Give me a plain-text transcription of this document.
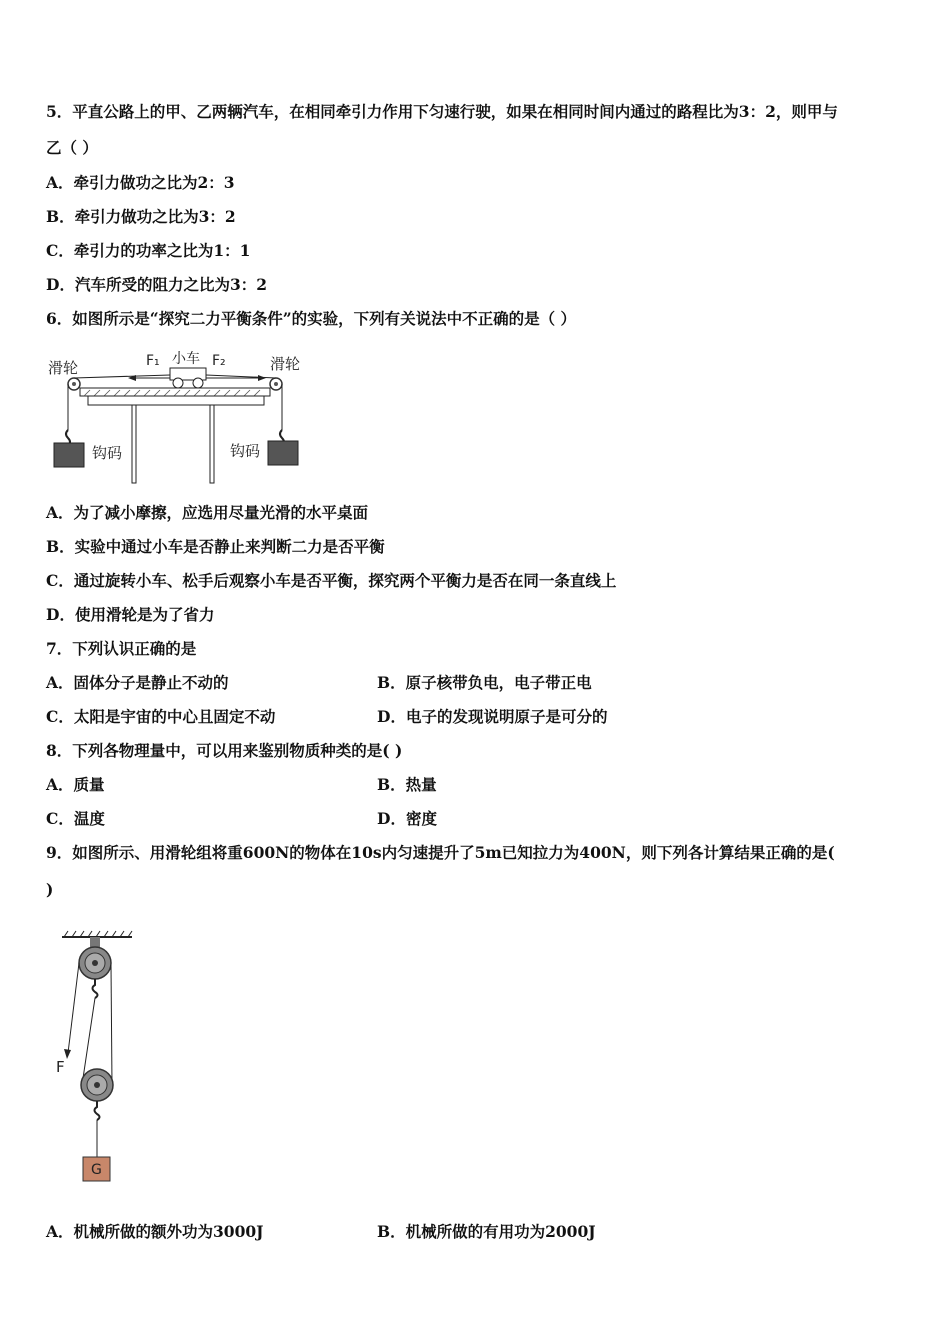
5．平直公路上的甲、乙两辆汽车，在相同牵引力作用下匀速行驶，如果在相同时间内通过的路程比为3：2，则甲与
乙（ ）
A．牵引力做功之比为2：3
B．牵引力做功之比为3：2
C．牵引力的功率之比为1：1
D．汽车所受的阻力之比为3：2
6．如图所示是“探究二力平衡条件”的实验，下列有关说法中不正确的是（ ）
滑轮	滑轮
小车
F₁	F₂
钩码	钩码
A．为了减小摩擦，应选用尽量光滑的水平桌面
B．实验中通过小车是否静止来判断二力是否平衡
C．通过旋转小车、松手后观察小车是否平衡，探究两个平衡力是否在同一条直线上
D．使用滑轮是为了省力
7．下列认识正确的是
A．固体分子是静止不动的	B．原子核带负电，电子带正电
C．太阳是宇宙的中心且固定不动	D．电子的发现说明原子是可分的
8．下列各物理量中，可以用来鉴别物质种类的是( )
A．质量	B．热量
C．温度	D．密度
9．如图所示、用滑轮组将重600N的物体在10s内匀速提升了5m已知拉力为400N，则下列各计算结果正确的是(
)
F
G
A．机械所做的额外功为3000J	B．机械所做的有用功为2000J
